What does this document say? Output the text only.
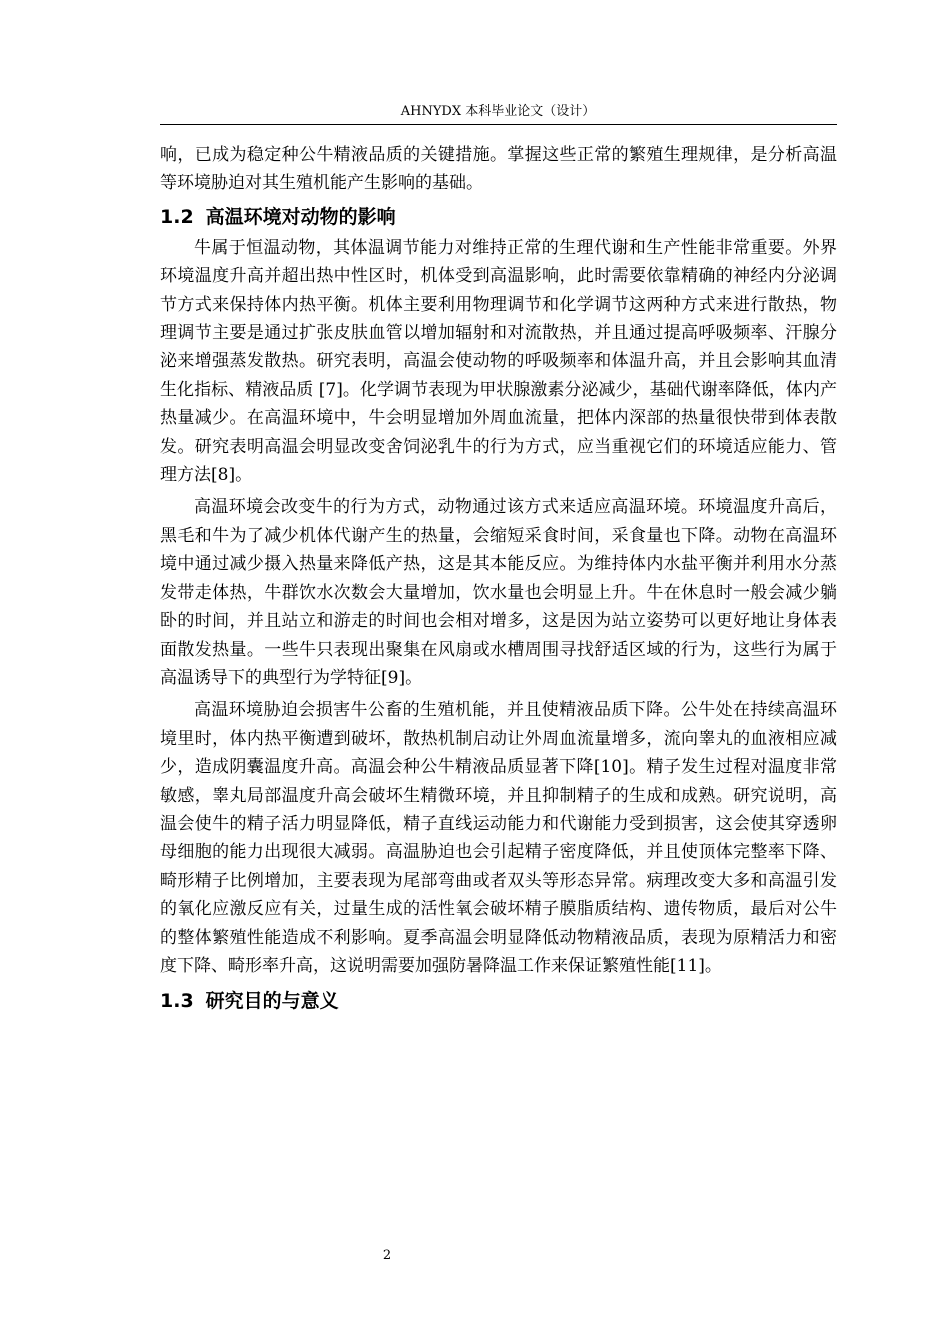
AHNYDX 本科毕业论文（设计）

响，已成为稳定种公牛精液品质的关键措施。掌握这些正常的繁殖生理规律，是分析高温等环境胁迫对其生殖机能产生影响的基础。

1.2 高温环境对动物的影响

牛属于恒温动物，其体温调节能力对维持正常的生理代谢和生产性能非常重要。外界环境温度升高并超出热中性区时，机体受到高温影响，此时需要依靠精确的神经内分泌调节方式来保持体内热平衡。机体主要利用物理调节和化学调节这两种方式来进行散热，物理调节主要是通过扩张皮肤血管以增加辐射和对流散热，并且通过提高呼吸频率、汗腺分泌来增强蒸发散热。研究表明，高温会使动物的呼吸频率和体温升高，并且会影响其血清生化指标、精液品质 [7]。化学调节表现为甲状腺激素分泌减少，基础代谢率降低，体内产热量减少。在高温环境中，牛会明显增加外周血流量，把体内深部的热量很快带到体表散发。研究表明高温会明显改变舍饲泌乳牛的行为方式，应当重视它们的环境适应能力、管理方法[8]。

高温环境会改变牛的行为方式，动物通过该方式来适应高温环境。环境温度升高后，黑毛和牛为了减少机体代谢产生的热量，会缩短采食时间，采食量也下降。动物在高温环境中通过减少摄入热量来降低产热，这是其本能反应。为维持体内水盐平衡并利用水分蒸发带走体热，牛群饮水次数会大量增加，饮水量也会明显上升。牛在休息时一般会减少躺卧的时间，并且站立和游走的时间也会相对增多，这是因为站立姿势可以更好地让身体表面散发热量。一些牛只表现出聚集在风扇或水槽周围寻找舒适区域的行为，这些行为属于高温诱导下的典型行为学特征[9]。

高温环境胁迫会损害牛公畜的生殖机能，并且使精液品质下降。公牛处在持续高温环境里时，体内热平衡遭到破坏，散热机制启动让外周血流量增多，流向睾丸的血液相应减少，造成阴囊温度升高。高温会种公牛精液品质显著下降[10]。精子发生过程对温度非常敏感，睾丸局部温度升高会破坏生精微环境，并且抑制精子的生成和成熟。研究说明，高温会使牛的精子活力明显降低，精子直线运动能力和代谢能力受到损害，这会使其穿透卵母细胞的能力出现很大减弱。高温胁迫也会引起精子密度降低，并且使顶体完整率下降、畸形精子比例增加，主要表现为尾部弯曲或者双头等形态异常。病理改变大多和高温引发的氧化应激反应有关，过量生成的活性氧会破坏精子膜脂质结构、遗传物质，最后对公牛的整体繁殖性能造成不利影响。夏季高温会明显降低动物精液品质，表现为原精活力和密度下降、畸形率升高，这说明需要加强防暑降温工作来保证繁殖性能[11]。

1.3 研究目的与意义
2
